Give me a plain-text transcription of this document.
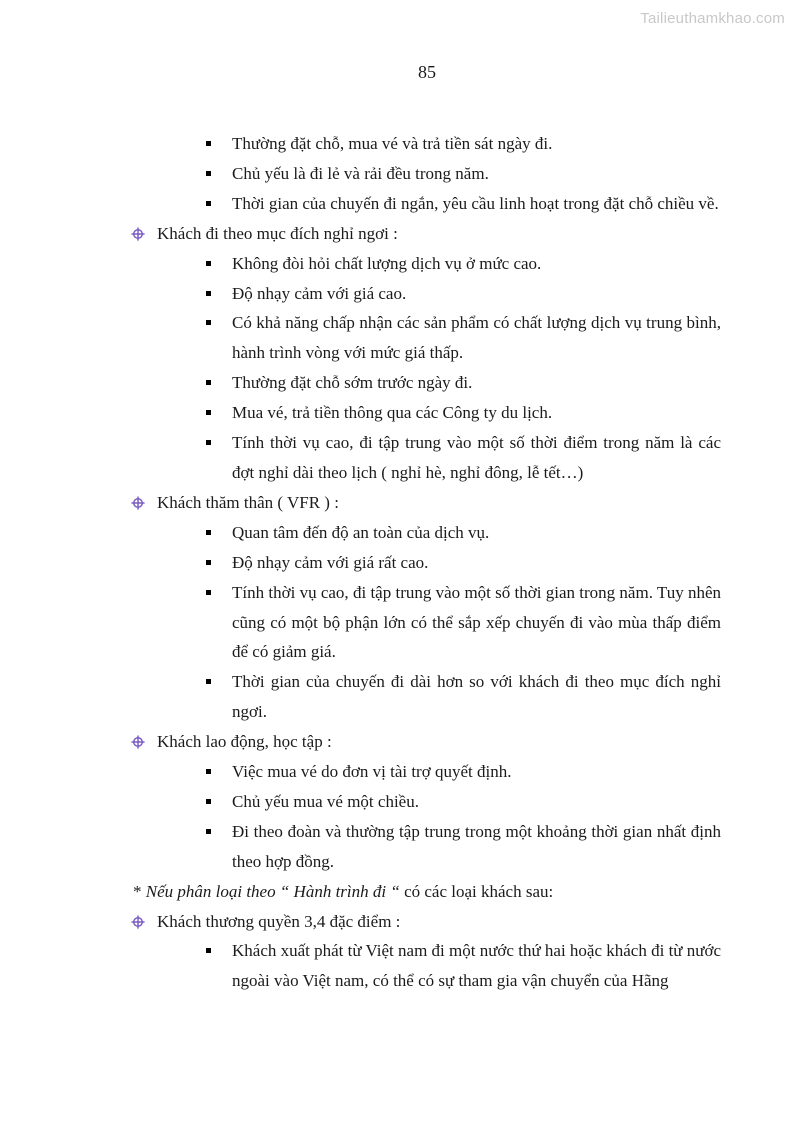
Tailieuthamkhao.com
85
Thường đặt chỗ, mua vé và trả tiền sát ngày đi.
Chủ yếu là đi lẻ và rải đều trong năm.
Thời gian của chuyến đi ngắn, yêu cầu linh hoạt trong đặt chỗ chiều về.
Khách đi theo mục đích nghỉ ngơi :
Không đòi hỏi chất lượng dịch vụ ở mức cao.
Độ nhạy cảm với giá cao.
Có khả năng chấp nhận các sản phẩm có chất lượng dịch vụ trung bình, hành trình vòng với mức giá thấp.
Thường đặt chỗ sớm trước ngày đi.
Mua vé, trả tiền thông qua các Công ty du lịch.
Tính thời vụ cao, đi tập trung vào một số thời điểm trong năm là các đợt nghỉ dài theo lịch ( nghỉ hè, nghỉ đông, lễ tết…)
Khách thăm thân ( VFR ) :
Quan tâm đến độ an toàn của dịch vụ.
Độ nhạy cảm với giá rất cao.
Tính thời vụ cao, đi tập trung vào một số thời gian trong năm. Tuy nhên cũng có một bộ phận lớn có thể sắp xếp chuyến đi vào mùa thấp điểm để có giảm giá.
Thời gian của chuyến đi dài hơn so với khách đi theo mục đích nghỉ ngơi.
Khách lao động, học tập :
Việc mua vé do đơn vị tài trợ quyết định.
Chủ yếu mua vé một chiều.
Đi theo đoàn và thường tập trung trong một khoảng thời gian nhất định theo hợp đồng.
* Nếu phân loại theo “ Hành trình đi “ có các loại khách sau:
Khách thương quyền 3,4 đặc điểm :
Khách xuất phát từ Việt nam đi một nước thứ hai hoặc khách đi từ nước ngoài vào Việt nam, có thể có sự tham gia vận chuyển của Hãng
